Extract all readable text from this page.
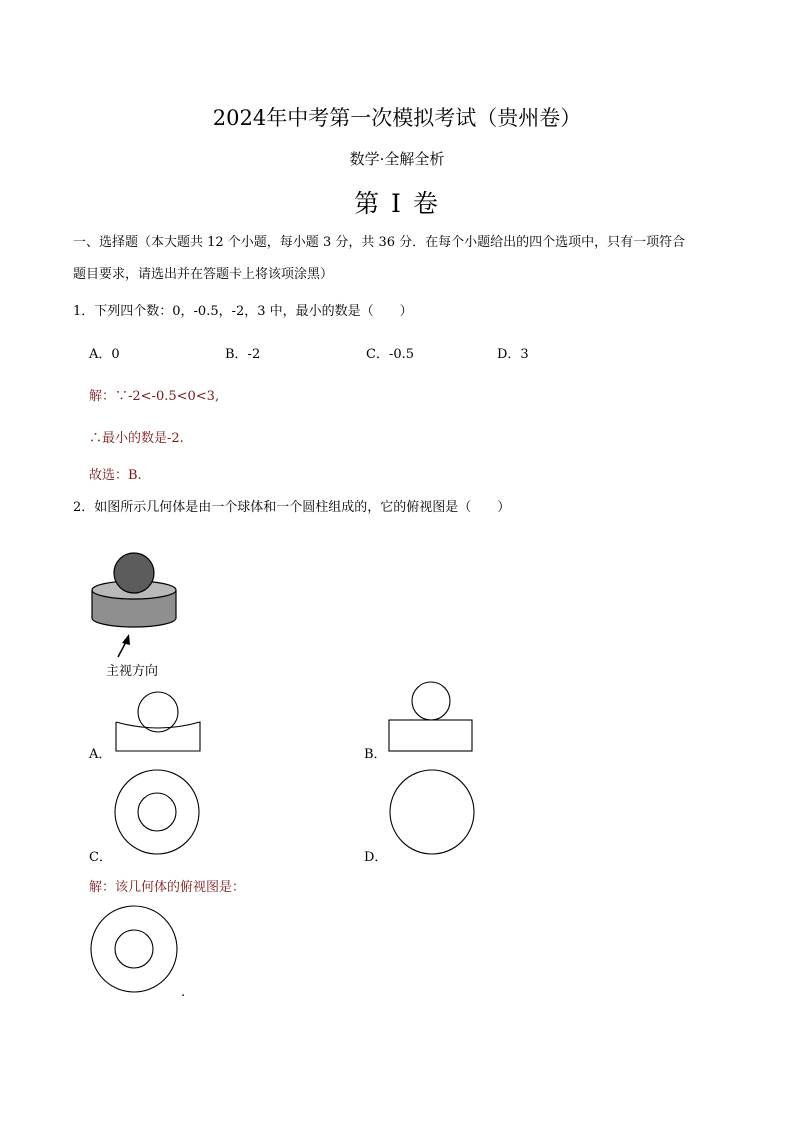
2024年中考第一次模拟考试（贵州卷）
数学·全解全析
第 I 卷
一、选择题（本大题共 12 个小题，每小题 3 分，共 36 分．在每个小题给出的四个选项中，只有一项符合
题目要求，请选出并在答题卡上将该项涂黑）
1．下列四个数：0，-0.5，-2，3 中，最小的数是（　　）
A．0	B．-2	C．-0.5	D．3
解：∵-2<-0.5<0<3,
∴最小的数是-2.
故选：B.
2．如图所示几何体是由一个球体和一个圆柱组成的，它的俯视图是（　　）
主视方向
A．	B．
C．	D．
解：该几何体的俯视图是：
.
